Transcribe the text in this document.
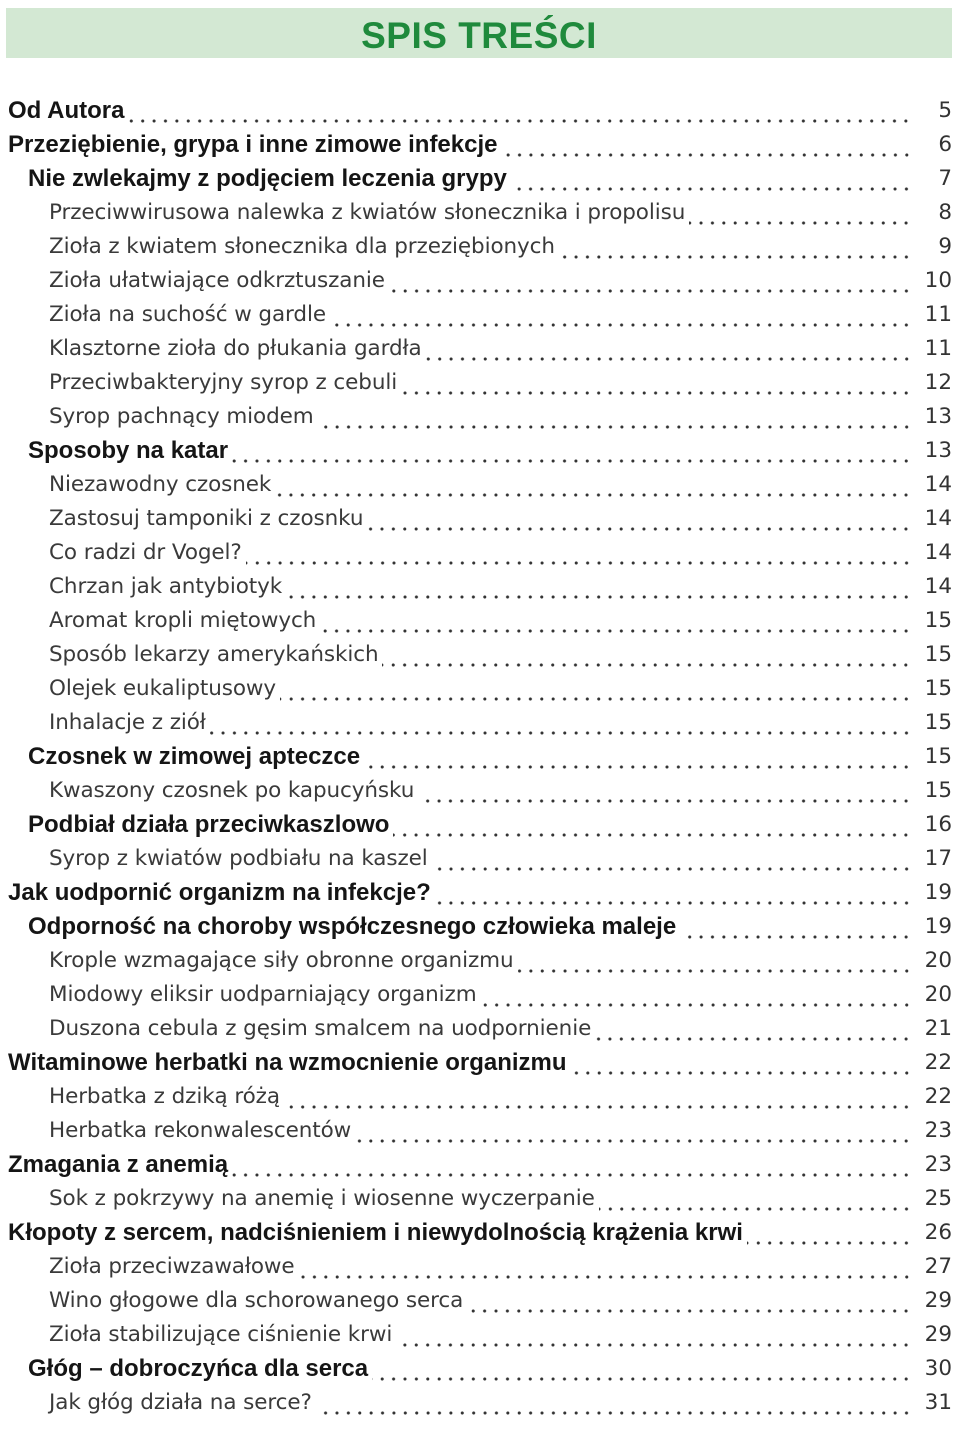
SPIS TREŚCI
Od Autora	5
Przeziębienie, grypa i inne zimowe infekcje	6
Nie zwlekajmy z podjęciem leczenia grypy	7
Przeciwwirusowa nalewka z kwiatów słonecznika i propolisu	8
Zioła z kwiatem słonecznika dla przeziębionych	9
Zioła ułatwiające odkrztuszanie	10
Zioła na suchość w gardle	11
Klasztorne zioła do płukania gardła	11
Przeciwbakteryjny syrop z cebuli	12
Syrop pachnący miodem	13
Sposoby na katar	13
Niezawodny czosnek	14
Zastosuj tamponiki z czosnku	14
Co radzi dr Vogel?	14
Chrzan jak antybiotyk	14
Aromat kropli miętowych	15
Sposób lekarzy amerykańskich	15
Olejek eukaliptusowy	15
Inhalacje z ziół	15
Czosnek w zimowej apteczce	15
Kwaszony czosnek po kapucyńsku	15
Podbiał działa przeciwkaszlowo	16
Syrop z kwiatów podbiału na kaszel	17
Jak uodpornić organizm na infekcje?	19
Odporność na choroby współczesnego człowieka maleje	19
Krople wzmagające siły obronne organizmu	20
Miodowy eliksir uodparniający organizm	20
Duszona cebula z gęsim smalcem na uodpornienie	21
Witaminowe herbatki na wzmocnienie organizmu	22
Herbatka z dziką różą	22
Herbatka rekonwalescentów	23
Zmagania z anemią	23
Sok z pokrzywy na anemię i wiosenne wyczerpanie	25
Kłopoty z sercem, nadciśnieniem i niewydolnością krążenia krwi	26
Zioła przeciwzawałowe	27
Wino głogowe dla schorowanego serca	29
Zioła stabilizujące ciśnienie krwi	29
Głóg – dobroczyńca dla serca	30
Jak głóg działa na serce?	31
